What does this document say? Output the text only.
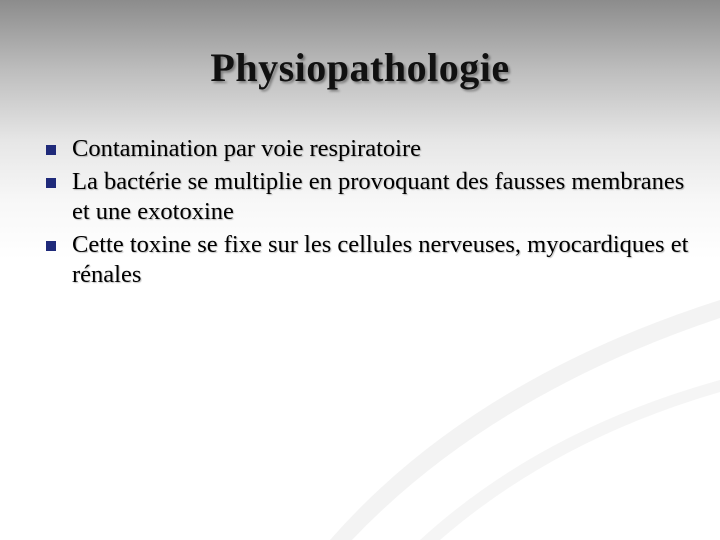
Physiopathologie
Contamination par voie respiratoire
La bactérie se multiplie en provoquant des fausses membranes et une exotoxine
Cette toxine se fixe sur les cellules nerveuses, myocardiques et rénales
